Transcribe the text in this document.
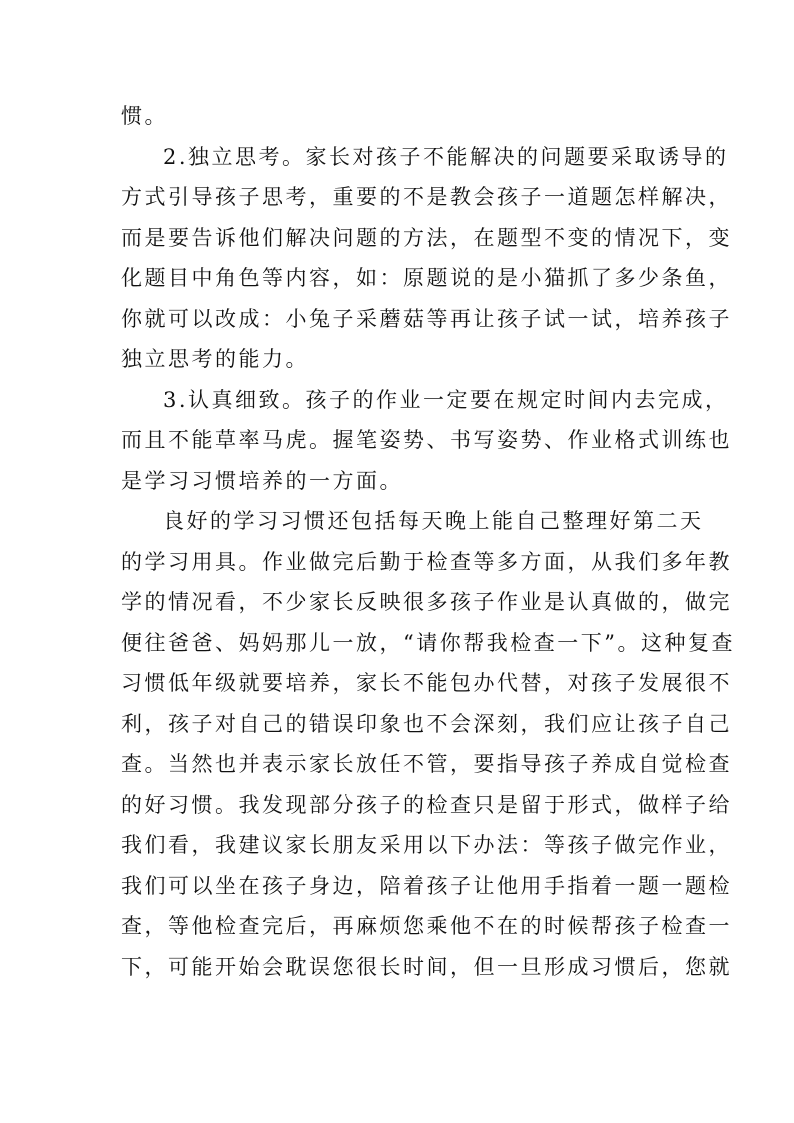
惯。
2.独立思考。家长对孩子不能解决的问题要采取诱导的
方式引导孩子思考，重要的不是教会孩子一道题怎样解决，
而是要告诉他们解决问题的方法，在题型不变的情况下，变
化题目中角色等内容，如：原题说的是小猫抓了多少条鱼，
你就可以改成：小兔子采蘑菇等再让孩子试一试，培养孩子
独立思考的能力。
3.认真细致。孩子的作业一定要在规定时间内去完成，
而且不能草率马虎。握笔姿势、书写姿势、作业格式训练也
是学习习惯培养的一方面。
良好的学习习惯还包括每天晚上能自己整理好第二天
的学习用具。作业做完后勤于检查等多方面，从我们多年教
学的情况看，不少家长反映很多孩子作业是认真做的，做完
便往爸爸、妈妈那儿一放，“请你帮我检查一下”。这种复查
习惯低年级就要培养，家长不能包办代替，对孩子发展很不
利，孩子对自己的错误印象也不会深刻，我们应让孩子自己
查。当然也并表示家长放任不管，要指导孩子养成自觉检查
的好习惯。我发现部分孩子的检查只是留于形式，做样子给
我们看，我建议家长朋友采用以下办法：等孩子做完作业，
我们可以坐在孩子身边，陪着孩子让他用手指着一题一题检
查，等他检查完后，再麻烦您乘他不在的时候帮孩子检查一
下，可能开始会耽误您很长时间，但一旦形成习惯后，您就
